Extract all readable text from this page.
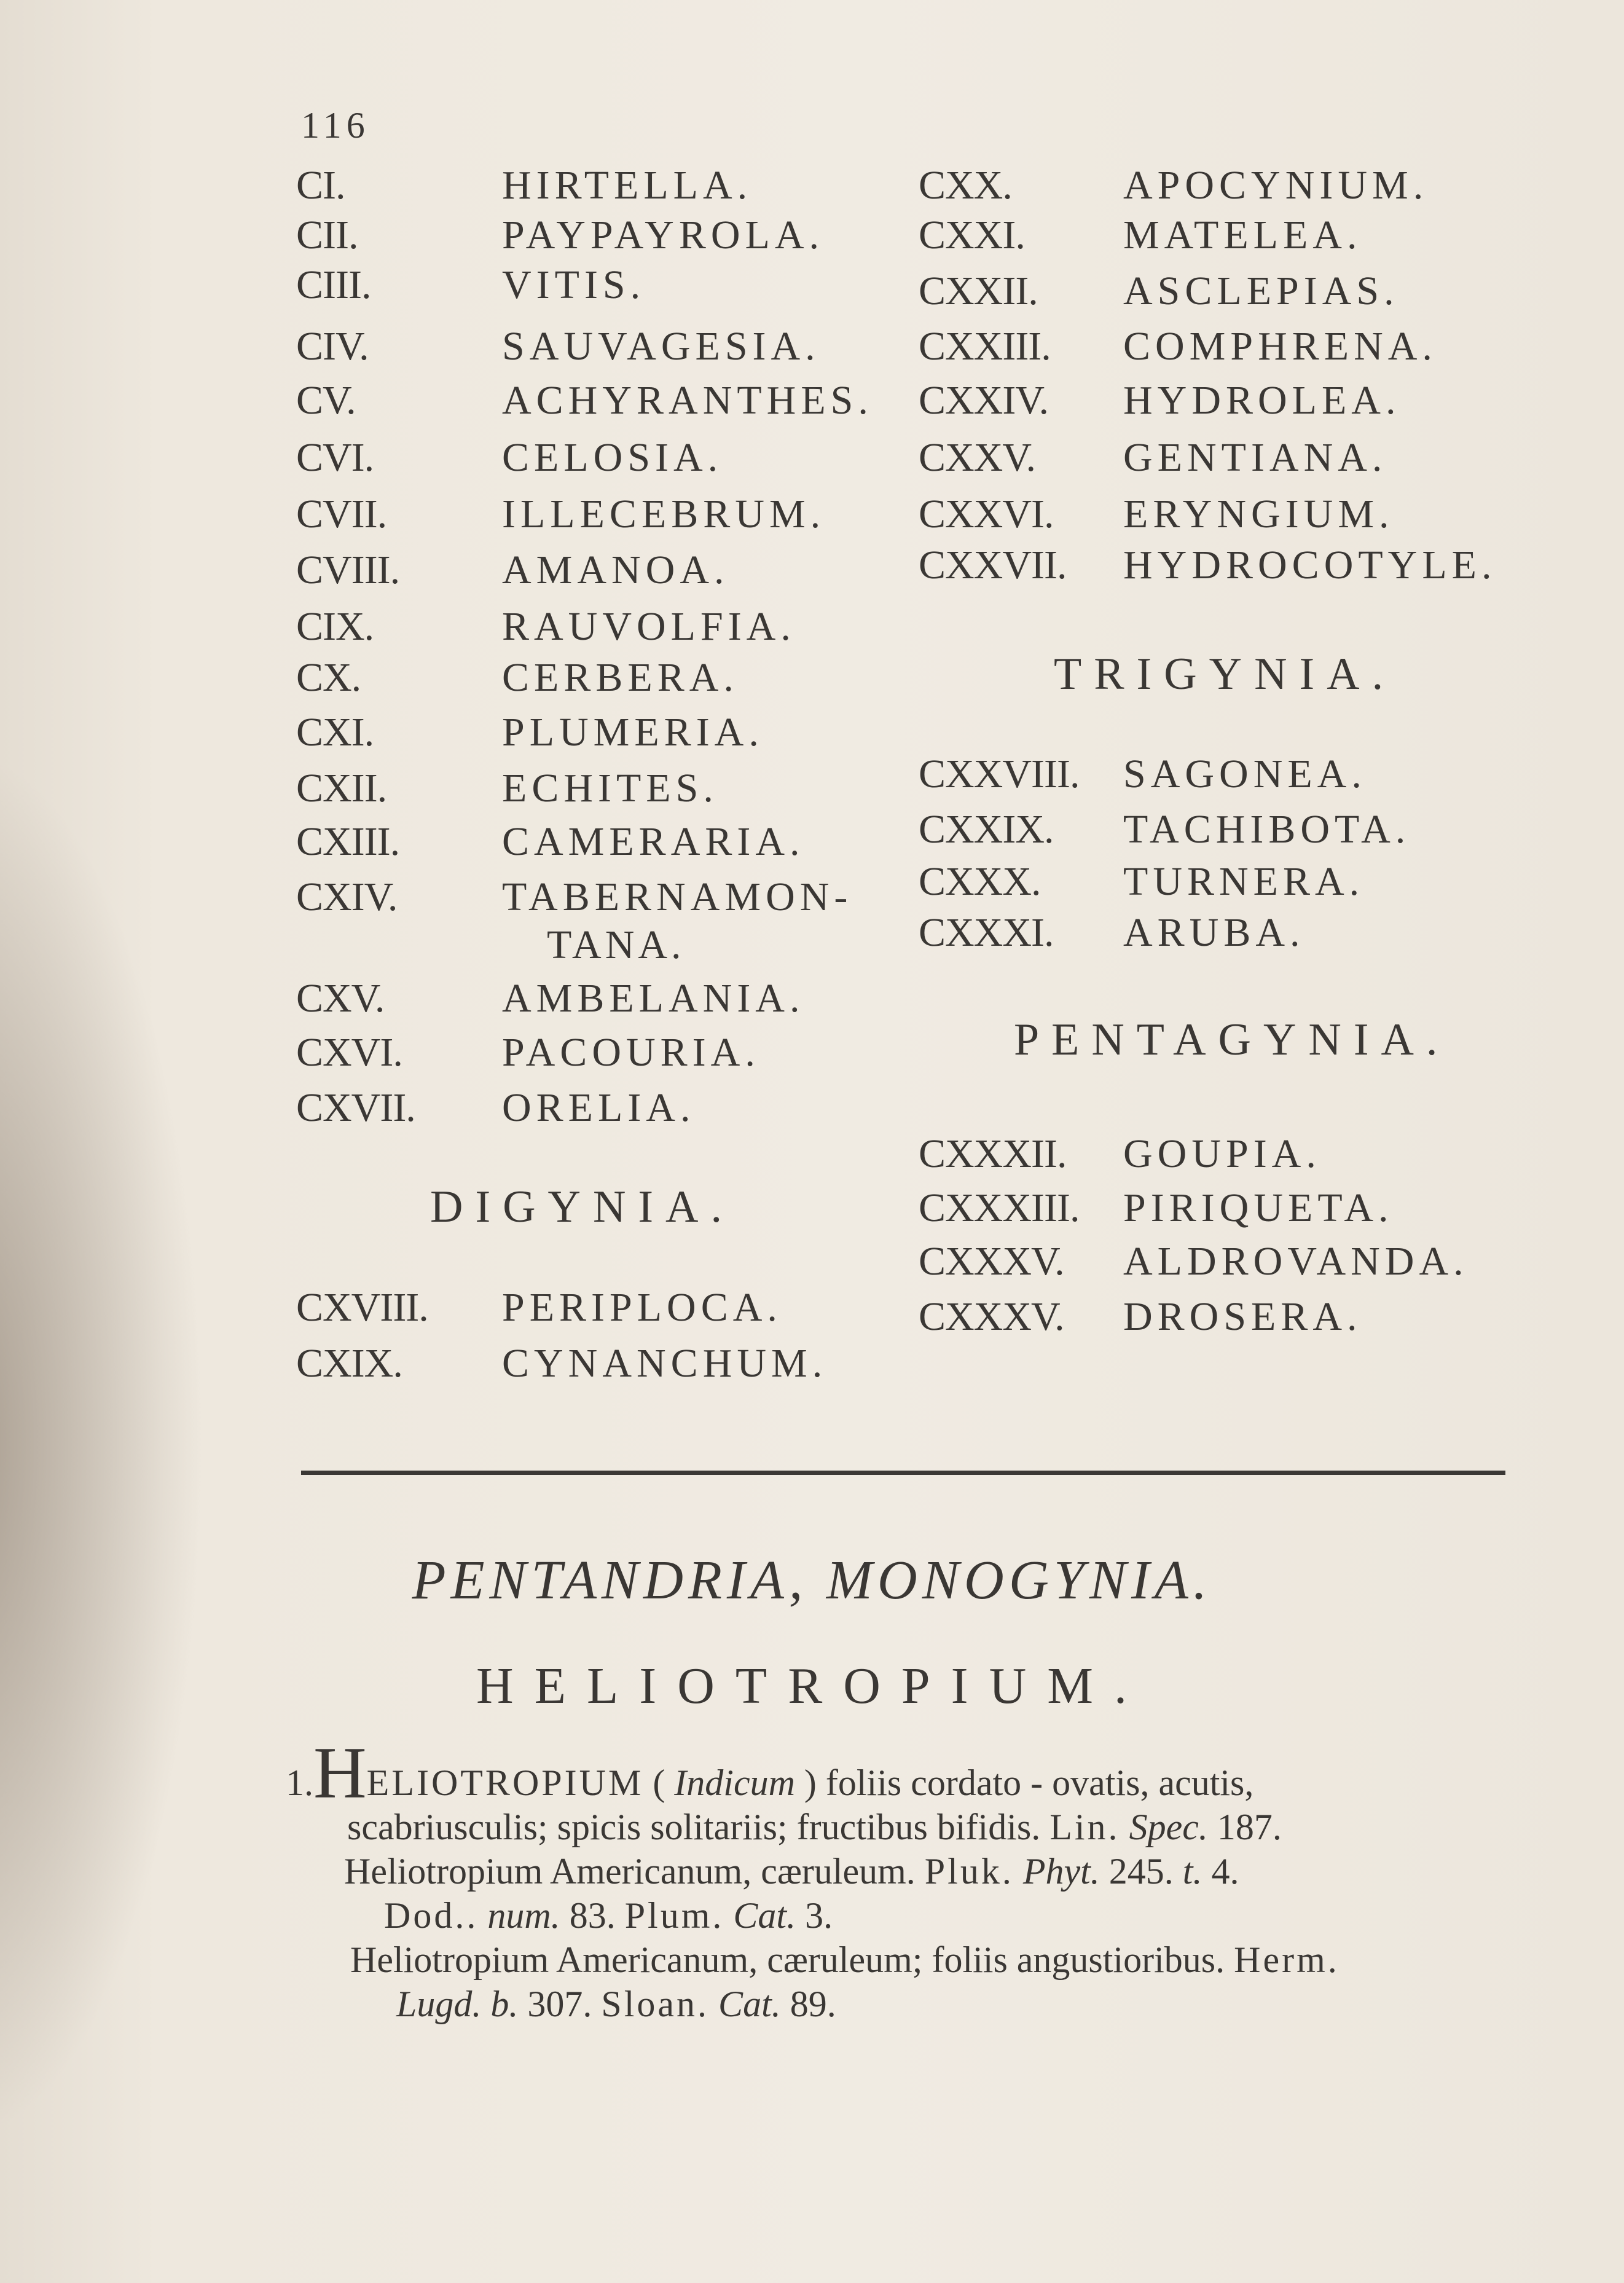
116
CI.	HIRTELLA.
CII.	PAYPAYROLA.
CIII.	VITIS.
CIV.	SAUVAGESIA.
CV.	ACHYRANTHES.
CVI.	CELOSIA.
CVII.	ILLECEBRUM.
CVIII.	AMANOA.
CIX.	RAUVOLFIA.
CX.	CERBERA.
CXI.	PLUMERIA.
CXII.	ECHITES.
CXIII.	CAMERARIA.
CXIV.	TABERNAMON-
TANA.
CXV.	AMBELANIA.
CXVI. PACOURIA.
CXVII. ORELIA.
DIGYNIA.
CXVIII. PERIPLOCA.
CXIX. CYNANCHUM.
CXX.	APOCYNIUM.
CXXI. MATELEA.
CXXII. ASCLEPIAS.
CXXIII. COMPHRENA.
CXXIV. HYDROLEA.
CXXV. GENTIANA.
CXXVI. ERYNGIUM.
CXXVII. HYDROCOTYLE.
TRIGYNIA.
CXXVIII. SAGONEA.
CXXIX. TACHIBOTA.
CXXX. TURNERA.
CXXXI. ARUBA.
PENTAGYNIA.
CXXXII. GOUPIA.
CXXXIII. PIRIQUETA.
CXXXV. ALDROVANDA.
CXXXV. DROSERA.
PENTANDRIA, MONOGYNIA.
HELIOTROPIUM.
1.HELIOTROPIUM ( Indicum ) foliis cordato - ovatis, acutis,
scabriusculis; spicis solitariis; fructibus bifidis. Lin. Spec. 187.
Heliotropium Americanum, cæruleum. Pluk. Phyt. 245. t. 4.
Dod.. num. 83. Plum. Cat. 3.
Heliotropium Americanum, cæruleum; foliis angustioribus. Herm.
Lugd. b. 307. Sloan. Cat. 89.
